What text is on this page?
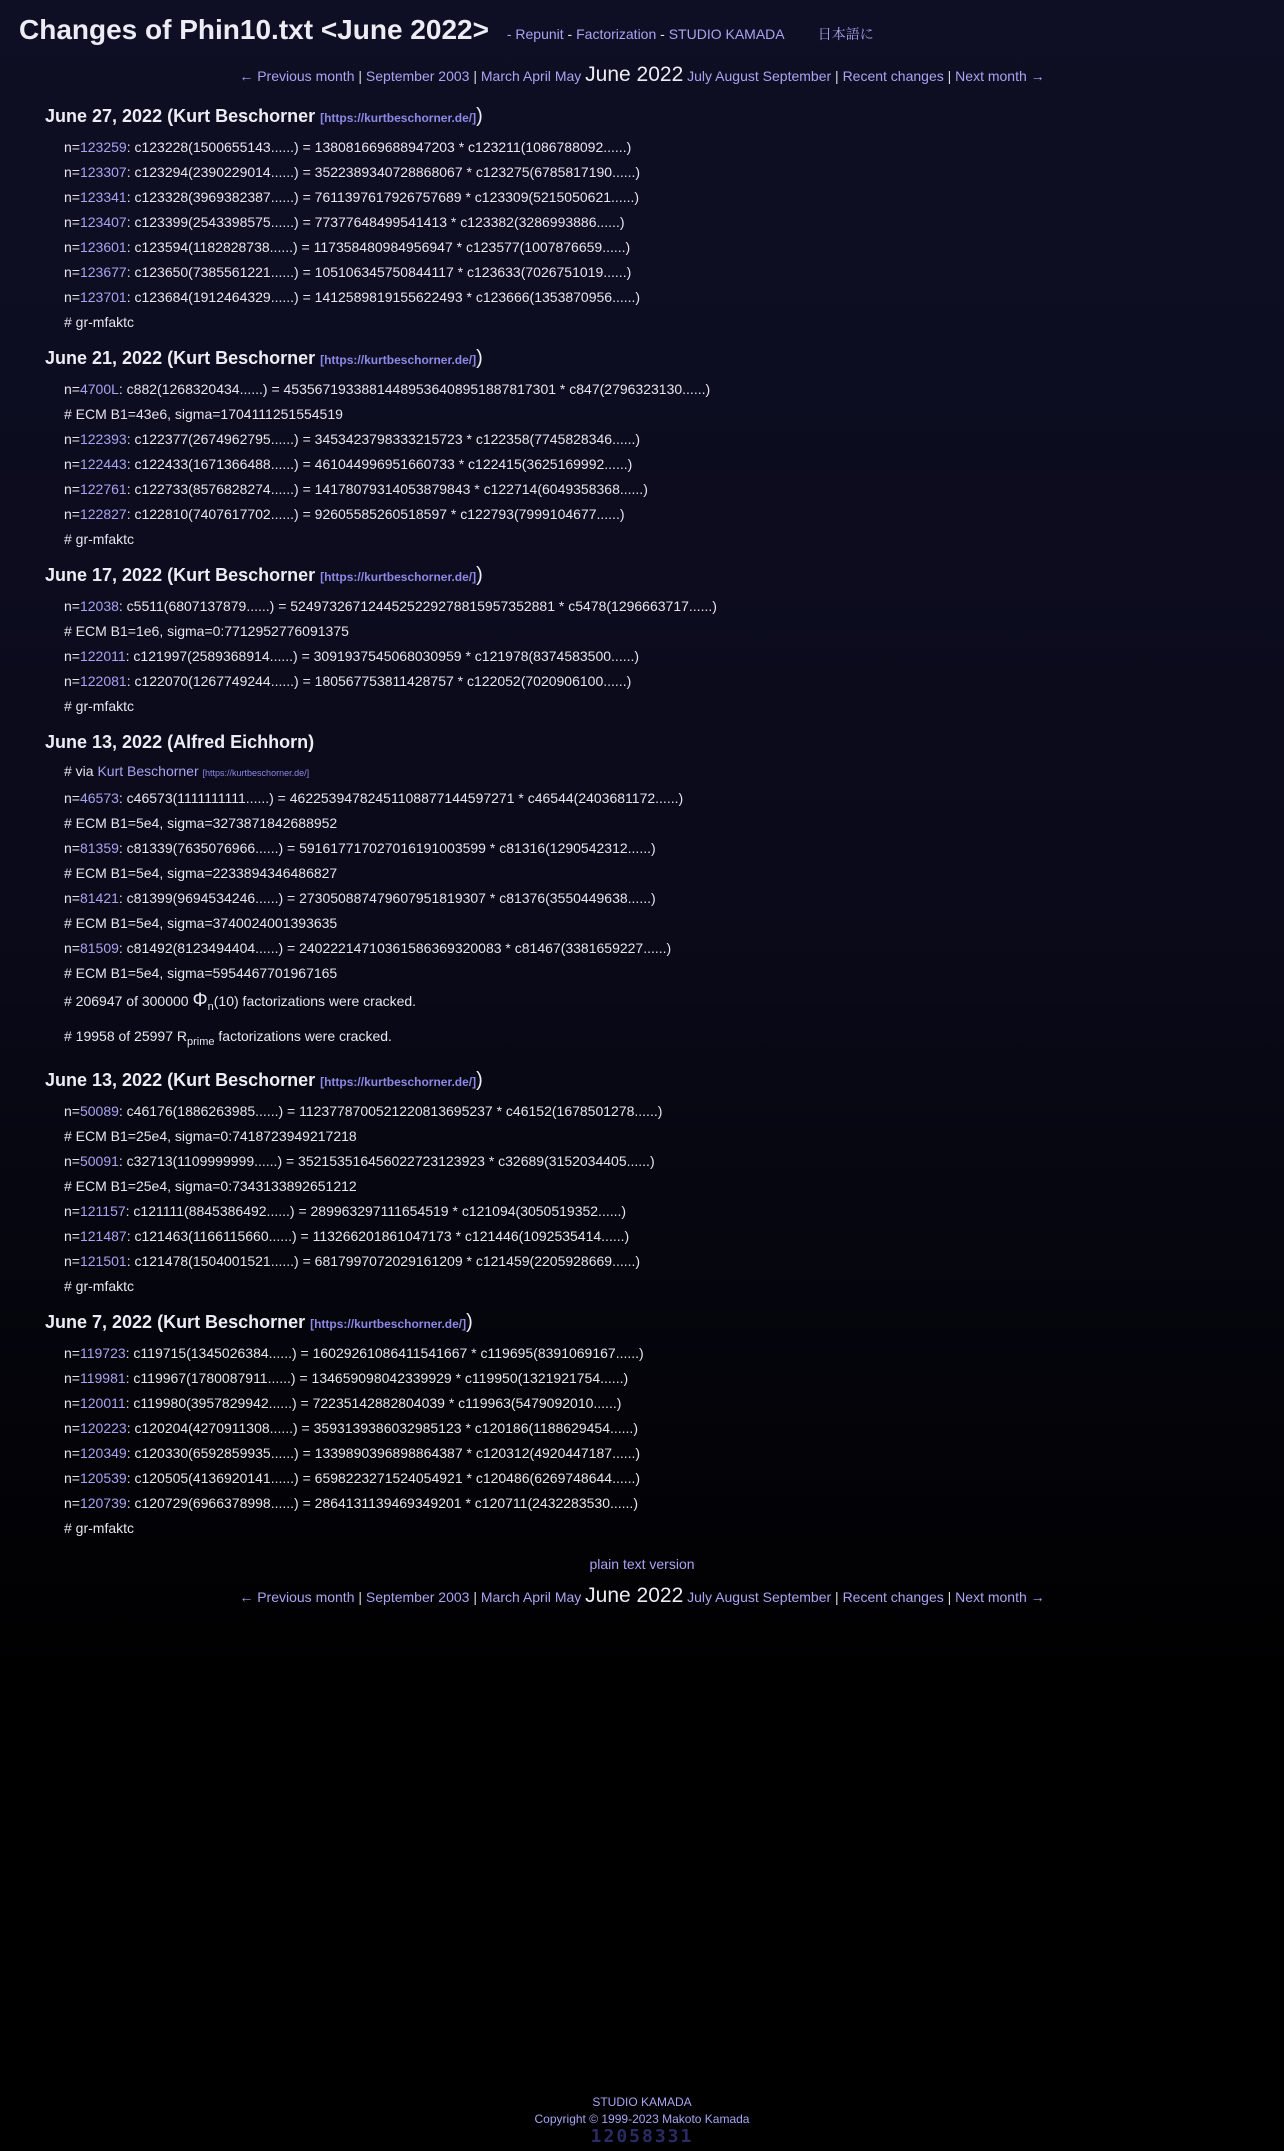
Changes of Phin10.txt <June 2022> - Repunit - Factorization - STUDIO KAMADA 日本語に
← Previous month | September 2003 | March April May June 2022 July August September | Recent changes | Next month →
June 27, 2022 (Kurt Beschorner [https://kurtbeschorner.de/])
n=123259: c123228(1500655143......) = 138081669688947203 * c123211(1086788092......)
n=123307: c123294(2390229014......) = 3522389340728868067 * c123275(6785817190......)
n=123341: c123328(3969382387......) = 7611397617926757689 * c123309(5215050621......)
n=123407: c123399(2543398575......) = 77377648499541413 * c123382(3286993886......)
n=123601: c123594(1182828738......) = 117358480984956947 * c123577(1007876659......)
n=123677: c123650(7385561221......) = 105106345750844117 * c123633(7026751019......)
n=123701: c123684(1912464329......) = 1412589819155622493 * c123666(1353870956......)
# gr-mfaktc
June 21, 2022 (Kurt Beschorner [https://kurtbeschorner.de/])
n=4700L: c882(1268320434......) = 45356719338814489536408951887817301 * c847(2796323130......)
# ECM B1=43e6, sigma=1704111251554519
n=122393: c122377(2674962795......) = 3453423798333215723 * c122358(7745828346......)
n=122443: c122433(1671366488......) = 461044996951660733 * c122415(3625169992......)
n=122761: c122733(8576828274......) = 14178079314053879843 * c122714(6049358368......)
n=122827: c122810(7407617702......) = 92605585260518597 * c122793(7999104677......)
# gr-mfaktc
June 17, 2022 (Kurt Beschorner [https://kurtbeschorner.de/])
n=12038: c5511(6807137879......) = 5249732671244525229278815957352881 * c5478(1296663717......)
# ECM B1=1e6, sigma=0:7712952776091375
n=122011: c121997(2589368914......) = 3091937545068030959 * c121978(8374583500......)
n=122081: c122070(1267749244......) = 180567753811428757 * c122052(7020906100......)
# gr-mfaktc
June 13, 2022 (Alfred Eichhorn)
# via Kurt Beschorner [https://kurtbeschorner.de/]
n=46573: c46573(1111111111......) = 46225394782451108877144597271 * c46544(2403681172......)
# ECM B1=5e4, sigma=3273871842688952
n=81359: c81339(7635076966......) = 591617717027016191003599 * c81316(1290542312......)
# ECM B1=5e4, sigma=2233894346486827
n=81421: c81399(9694534246......) = 273050887479607951819307 * c81376(3550449638......)
# ECM B1=5e4, sigma=3740024001393635
n=81509: c81492(8123494404......) = 24022214710361586369320083 * c81467(3381659227......)
# ECM B1=5e4, sigma=5954467701967165
# 206947 of 300000 $\Phi_n(10)$ factorizations were cracked.
# 19958 of 25997 $R_{prime}$ factorizations were cracked.
June 13, 2022 (Kurt Beschorner [https://kurtbeschorner.de/])
n=50089: c46176(1886263985......) = 1123778700521220813695237 * c46152(1678501278......)
# ECM B1=25e4, sigma=0:7418723949217218
n=50091: c32713(1109999999......) = 352153516456022723123923 * c32689(3152034405......)
# ECM B1=25e4, sigma=0:7343133892651212
n=121157: c121111(8845386492......) = 289963297111654519 * c121094(3050519352......)
n=121487: c121463(1166115660......) = 113266201861047173 * c121446(1092535414......)
n=121501: c121478(1504001521......) = 6817997072029161209 * c121459(2205928669......)
# gr-mfaktc
June 7, 2022 (Kurt Beschorner [https://kurtbeschorner.de/])
n=119723: c119715(1345026384......) = 16029261086411541667 * c119695(8391069167......)
n=119981: c119967(1780087911......) = 134659098042339929 * c119950(1321921754......)
n=120011: c119980(3957829942......) = 72235142882804039 * c119963(5479092010......)
n=120223: c120204(4270911308......) = 3593139386032985123 * c120186(1188629454......)
n=120349: c120330(6592859935......) = 1339890396898864387 * c120312(4920447187......)
n=120539: c120505(4136920141......) = 6598223271524054921 * c120486(6269748644......)
n=120739: c120729(6966378998......) = 2864131139469349201 * c120711(2432283530......)
# gr-mfaktc
plain text version
← Previous month | September 2003 | March April May June 2022 July August September | Recent changes | Next month →
STUDIO KAMADA
Copyright © 1999-2023 Makoto Kamada
12058331
